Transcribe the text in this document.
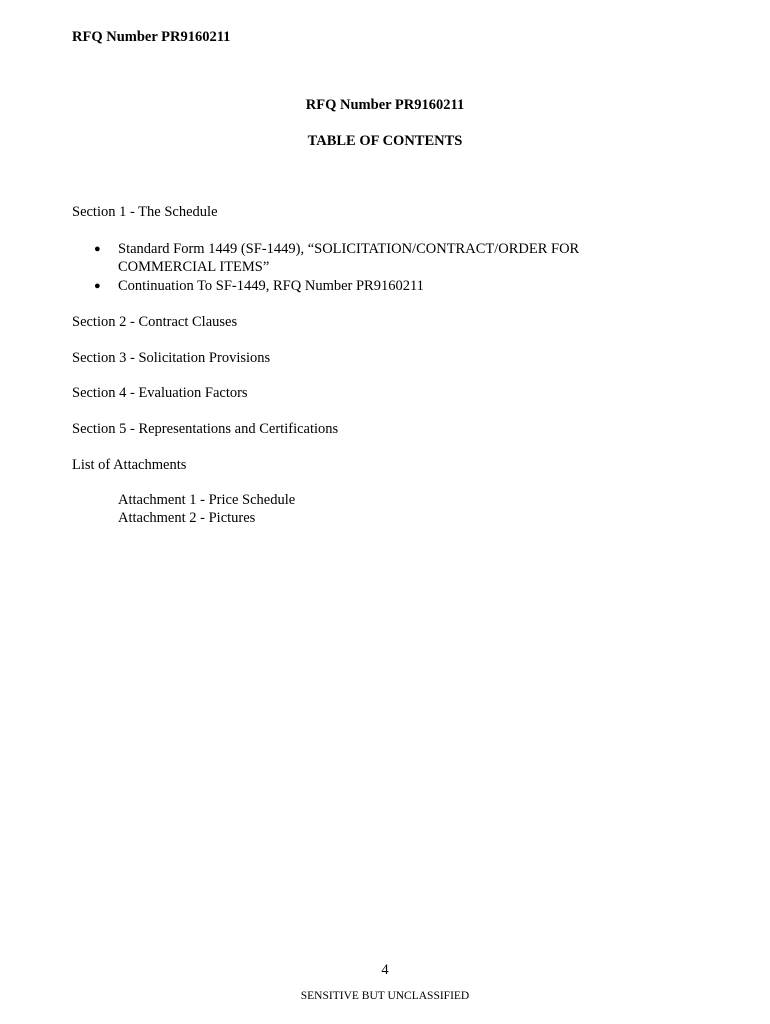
RFQ Number PR9160211
RFQ Number PR9160211
TABLE OF CONTENTS
Section 1 - The Schedule
●	Standard Form 1449 (SF-1449), “SOLICITATION/CONTRACT/ORDER FOR COMMERCIAL ITEMS”
●	Continuation To SF-1449, RFQ Number PR9160211
Section 2 - Contract Clauses
Section 3 - Solicitation Provisions
Section 4 - Evaluation Factors
Section 5 - Representations and Certifications
List of Attachments
Attachment 1 - Price Schedule
Attachment 2 - Pictures
4
SENSITIVE BUT UNCLASSIFIED
